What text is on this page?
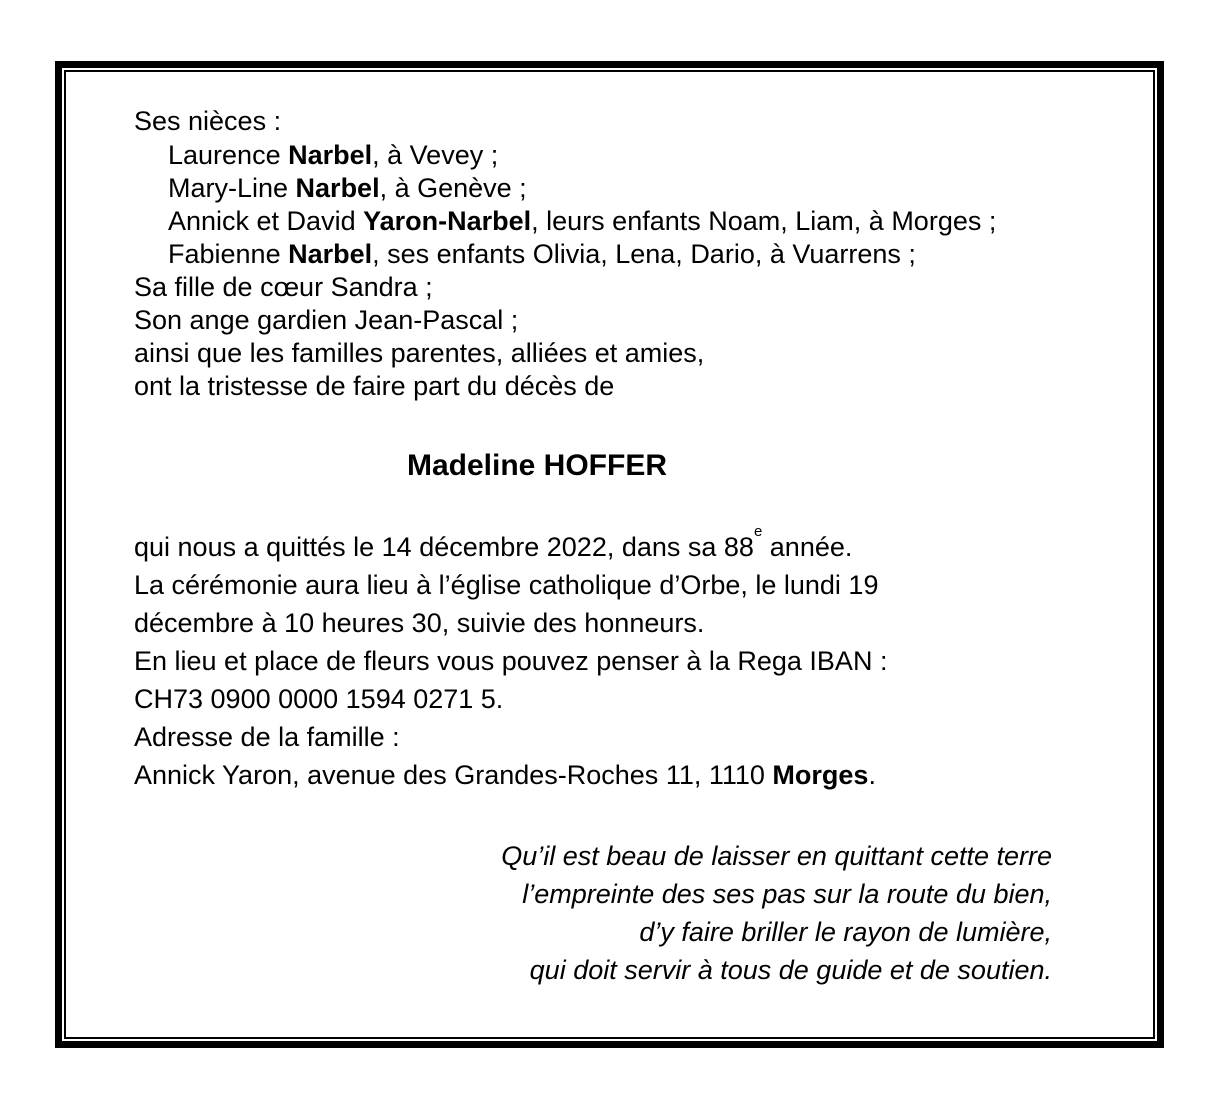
Ses nièces :
Laurence Narbel, à Vevey ;
Mary-Line Narbel, à Genève ;
Annick et David Yaron-Narbel, leurs enfants Noam, Liam, à Morges ;
Fabienne Narbel, ses enfants Olivia, Lena, Dario, à Vuarrens ;
Sa fille de cœur Sandra ;
Son ange gardien Jean-Pascal ;
ainsi que les familles parentes, alliées et amies,
ont la tristesse de faire part du décès de
qui nous a quittés le 14 décembre 2022, dans sa 88e année.
La cérémonie aura lieu à l’église catholique d’Orbe, le lundi 19
décembre à 10 heures 30, suivie des honneurs.
En lieu et place de fleurs vous pouvez penser à la Rega IBAN :
CH73 0900 0000 1594 0271 5.
Adresse de la famille :
Annick Yaron, avenue des Grandes-Roches 11, 1110 Morges.
Qu’il est beau de laisser en quittant cette terre
l’empreinte des ses pas sur la route du bien,
d’y faire briller le rayon de lumière,
qui doit servir à tous de guide et de soutien.
Madeline HOFFER
